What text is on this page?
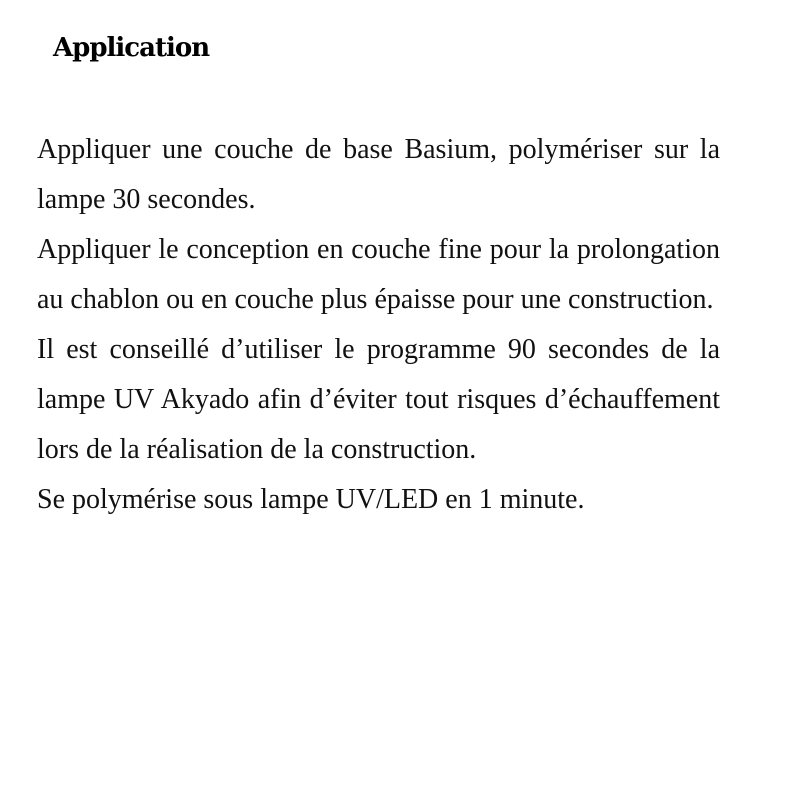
Application

Appliquer une couche de base Basium, polymériser sur la lampe 30 secondes.

Appliquer le conception en couche fine pour la prolongation au chablon ou en couche plus épaisse pour une construction.

Il est conseillé d’utiliser le programme 90 secondes de la lampe UV Akyado afin d’éviter tout risques d’échauffement lors de la réalisation de la construction.

Se polymérise sous lampe UV/LED en 1 minute.
